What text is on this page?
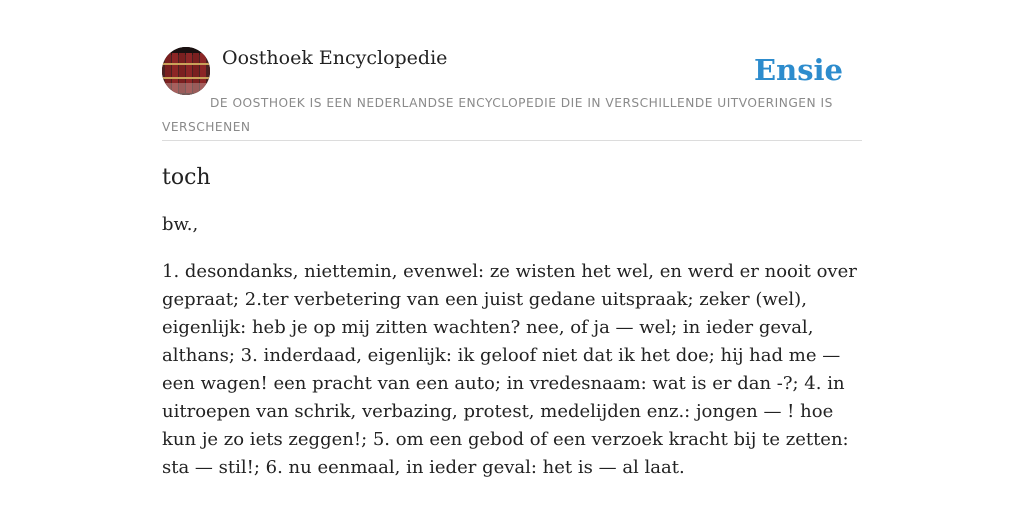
Oosthoek Encyclopedie	Ensie
DE OOSTHOEK IS EEN NEDERLANDSE ENCYCLOPEDIE DIE IN VERSCHILLENDE UITVOERINGEN IS VERSCHENEN
toch

bw.,

1. desondanks, niettemin, evenwel: ze wisten het wel, en werd er nooit over gepraat; 2.ter verbetering van een juist gedane uitspraak; zeker (wel), eigenlijk: heb je op mij zitten wachten? nee, of ja — wel; in ieder geval, althans; 3. inderdaad, eigenlijk: ik geloof niet dat ik het doe; hij had me — een wagen! een pracht van een auto; in vredesnaam: wat is er dan -?; 4. in uitroepen van schrik, verbazing, protest, medelijden enz.: jongen — ! hoe kun je zo iets zeggen!; 5. om een gebod of een verzoek kracht bij te zetten: sta — stil!; 6. nu eenmaal, in ieder geval: het is — al laat.
